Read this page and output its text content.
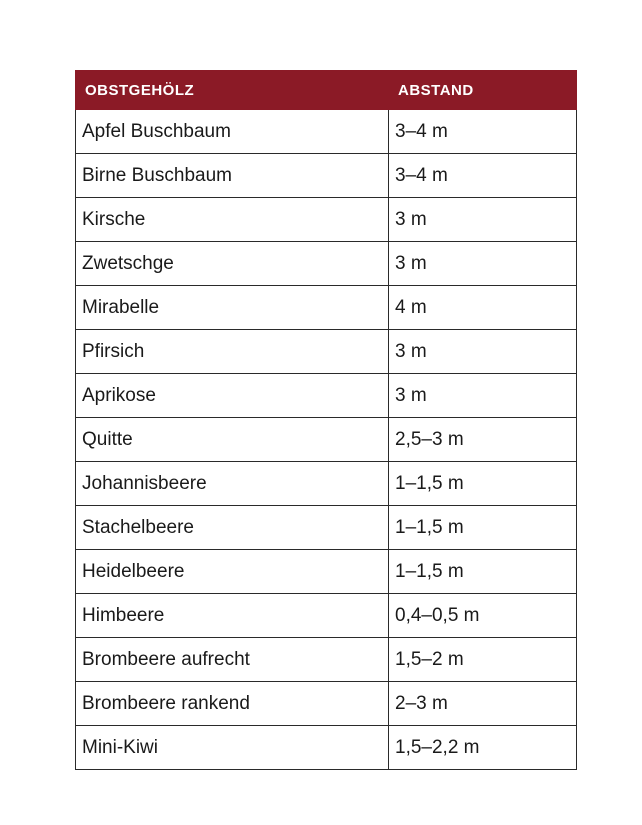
OBSTGEHÖLZ	ABSTAND
Apfel Buschbaum	3–4 m
Birne Buschbaum	3–4 m
Kirsche	3 m
Zwetschge	3 m
Mirabelle	4 m
Pfirsich	3 m
Aprikose	3 m
Quitte	2,5–3 m
Johannisbeere	1–1,5 m
Stachelbeere	1–1,5 m
Heidelbeere	1–1,5 m
Himbeere	0,4–0,5 m
Brombeere aufrecht	1,5–2 m
Brombeere rankend	2–3 m
Mini-Kiwi	1,5–2,2 m
